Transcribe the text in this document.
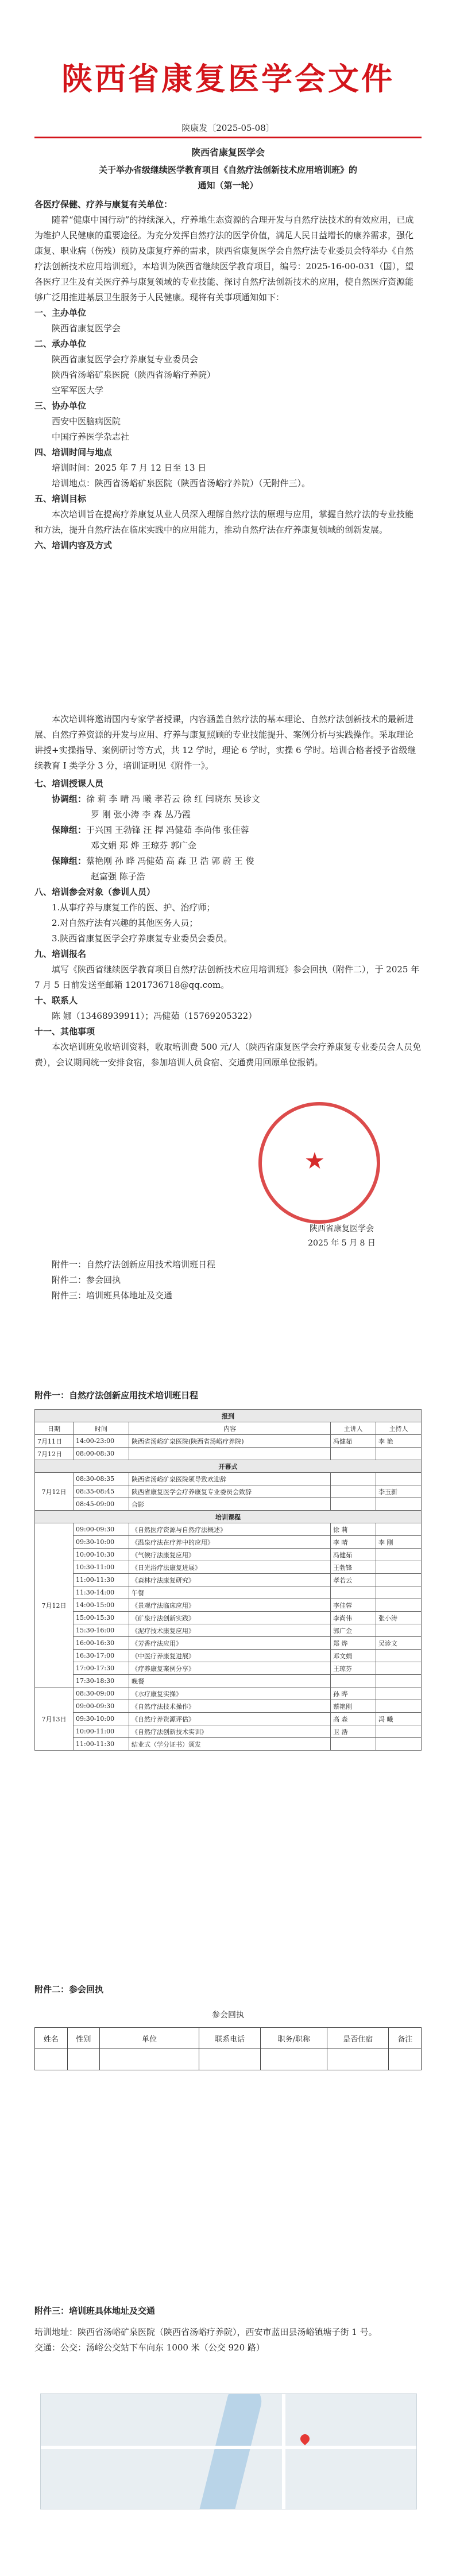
陕西省康复医学会文件
陕康发〔2025-05-08〕

陕西省康复医学会

关于举办省级继续医学教育项目《自然疗法创新技术应用培训班》的

通知（第一轮）

各医疗保健、疗养与康复有关单位：

随着“健康中国行动”的持续深入，疗养地生态资源的合理开发与自然疗法技术的有效应用，已成为维护人民健康的重要途径。为充分发挥自然疗法的医学价值，满足人民日益增长的康养需求，强化康复、职业病（伤残）预防及康复疗养的需求，陕西省康复医学会自然疗法专业委员会特举办《自然疗法创新技术应用培训班》，本培训为陕西省继续医学教育项目，编号：2025-16-00-031（国），望各医疗卫生及有关医疗养与康复领域的专业技能、探讨自然疗法创新技术的应用，使自然医疗资源能够广泛用推进基层卫生服务于人民健康。现将有关事项通知如下：

一、主办单位

陕西省康复医学会

二、承办单位

陕西省康复医学会疗养康复专业委员会

陕西省汤峪矿泉医院（陕西省汤峪疗养院）

空军军医大学

三、协办单位

西安中医脑病医院

中国疗养医学杂志社

四、培训时间与地点

培训时间：2025 年 7 月 12 日至 13 日

培训地点：陕西省汤峪矿泉医院（陕西省汤峪疗养院）（无附件三）。

五、培训目标

本次培训旨在提高疗养康复从业人员深入理解自然疗法的原理与应用，掌握自然疗法的专业技能和方法，提升自然疗法在临床实践中的应用能力，推动自然疗法在疗养康复领域的创新发展。

六、培训内容及方式

本次培训将邀请国内专家学者授课，内容涵盖自然疗法的基本理论、自然疗法创新技术的最新进展、自然疗养资源的开发与应用、疗养与康复照顾的专业技能提升、案例分析与实践操作。采取理论讲授+实操指导、案例研讨等方式，共 12 学时，理论 6 学时，实操 6 学时。培训合格者授予省级继续教育 I 类学分 3 分，培训证明见《附件一》。

七、培训授课人员

协调组：徐 莉 李 晴 冯 曦 孝若云 徐 红 闫晓东 吴诊文

罗 刚 张小涛 李 森 丛乃霞

保障组：于兴国 王勃锋 汪 捍 冯健茹 李尚伟 张佳蓉

邓文娟 郑 烨 王琼芬 郭广金

保障组：蔡艳刚 孙 晔 冯健茹 高 森 卫 浩 郭 蔚 王 俊

赵富强 陈子浩

八、培训参会对象（参训人员）

1.从事疗养与康复工作的医、护、治疗师；

2.对自然疗法有兴趣的其他医务人员；

3.陕西省康复医学会疗养康复专业委员会委员。

九、培训报名

填写《陕西省继续医学教育项目自然疗法创新技术应用培训班》参会回执（附件二），于 2025 年 7 月 5 日前发送至邮箱 1201736718@qq.com。

十、联系人

陈 娜（13468939911）；冯健茹（15769205322）

十一、其他事项

本次培训班免收培训资料，收取培训费 500 元/人（陕西省康复医学会疗养康复专业委员会人员免费），会议期间统一安排食宿，参加培训人员食宿、交通费用回原单位报销。

★
陕西省康复医学会
2025 年 5 月 8 日

附件一：自然疗法创新应用技术培训班日程

附件二：参会回执

附件三：培训班具体地址及交通

附件一：自然疗法创新应用技术培训班日程
报到				
日期	时间	内容	主讲人	主持人
7月11日	14:00-23:00	陕西省汤峪矿泉医院(陕西省汤峪疗养院)	冯健茹	李 艳
7月12日	08:00-08:30			
开幕式				
7月12日	08:30-08:35	陕西省汤峪矿泉医院领导致欢迎辞		
	08:35-08:45	陕西省康复医学会疗养康复专业委员会致辞		李玉新
	08:45-09:00	合影		
培训课程				
7月12日	09:00-09:30	《自然医疗资源与自然疗法概述》	徐 莉	
	09:30-10:00	《温泉疗法在疗养中的应用》	李 晴	李 刚
	10:00-10:30	《气候疗法康复应用》	冯健茹	
	10:30-11:00	《日光浴疗法康复进展》	王勃锋	
	11:00-11:30	《森林疗法康复研究》	孝若云	
	11:30-14:00	午餐		
	14:00-15:00	《景观疗法临床应用》	李佳蓉	
	15:00-15:30	《矿泉疗法创新实践》	李尚伟	张小涛
	15:30-16:00	《泥疗技术康复应用》	郭广金	
	16:00-16:30	《芳香疗法应用》	郑 烨	吴诊文
	16:30-17:00	《中医疗养康复进展》	邓文娟	
	17:00-17:30	《疗养康复案例分享》	王琼芬	
	17:30-18:30	晚餐		
7月13日	08:30-09:00	《水疗康复实操》	孙 晔	
	09:00-09:30	《自然疗法技术操作》	蔡艳刚	
	09:30-10:00	《自然疗养资源评估》	高 森	冯 曦
	10:00-11:00	《自然疗法创新技术实训》	卫 浩	
	11:00-11:30	结业式（学分证书）颁发		
附件二：参会回执
参会回执
姓名	性别	单位	联系电话	职务/职称	是否住宿	备注

附件三：培训班具体地址及交通

培训地址：陕西省汤峪矿泉医院（陕西省汤峪疗养院），西安市蓝田县汤峪镇塘子街 1 号。

交通：公交：汤峪公交站下车向东 1000 米（公交 920 路）
